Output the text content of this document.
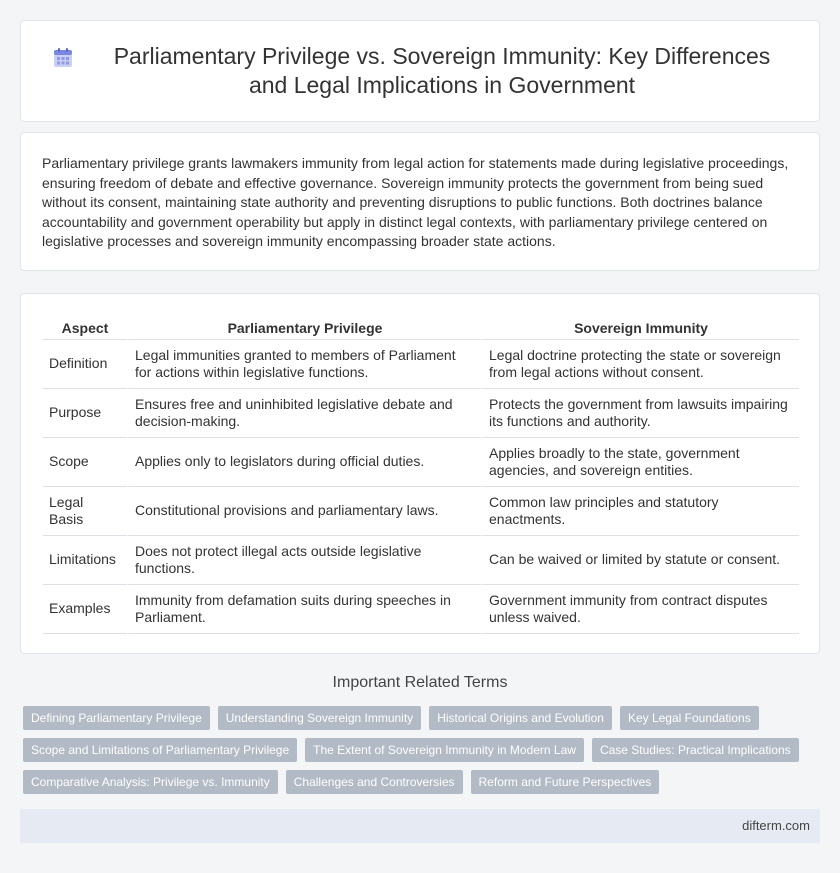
Parliamentary Privilege vs. Sovereign Immunity: Key Differences and Legal Implications in Government

Parliamentary privilege grants lawmakers immunity from legal action for statements made during legislative proceedings, ensuring freedom of debate and effective governance. Sovereign immunity protects the government from being sued without its consent, maintaining state authority and preventing disruptions to public functions. Both doctrines balance accountability and government operability but apply in distinct legal contexts, with parliamentary privilege centered on legislative processes and sovereign immunity encompassing broader state actions.

Aspect	Parliamentary Privilege	Sovereign Immunity
Definition	Legal immunities granted to members of Parliament for actions within legislative functions.	Legal doctrine protecting the state or sovereign from legal actions without consent.
Purpose	Ensures free and uninhibited legislative debate and decision-making.	Protects the government from lawsuits impairing its functions and authority.
Scope	Applies only to legislators during official duties.	Applies broadly to the state, government agencies, and sovereign entities.
Legal Basis	Constitutional provisions and parliamentary laws.	Common law principles and statutory enactments.
Limitations	Does not protect illegal acts outside legislative functions.	Can be waived or limited by statute or consent.
Examples	Immunity from defamation suits during speeches in Parliament.	Government immunity from contract disputes unless waived.
Important Related Terms
Defining Parliamentary Privilege	Understanding Sovereign Immunity	Historical Origins and Evolution	Key Legal Foundations
Scope and Limitations of Parliamentary Privilege	The Extent of Sovereign Immunity in Modern Law	Case Studies: Practical Implications
Comparative Analysis: Privilege vs. Immunity	Challenges and Controversies	Reform and Future Perspectives
difterm.com
